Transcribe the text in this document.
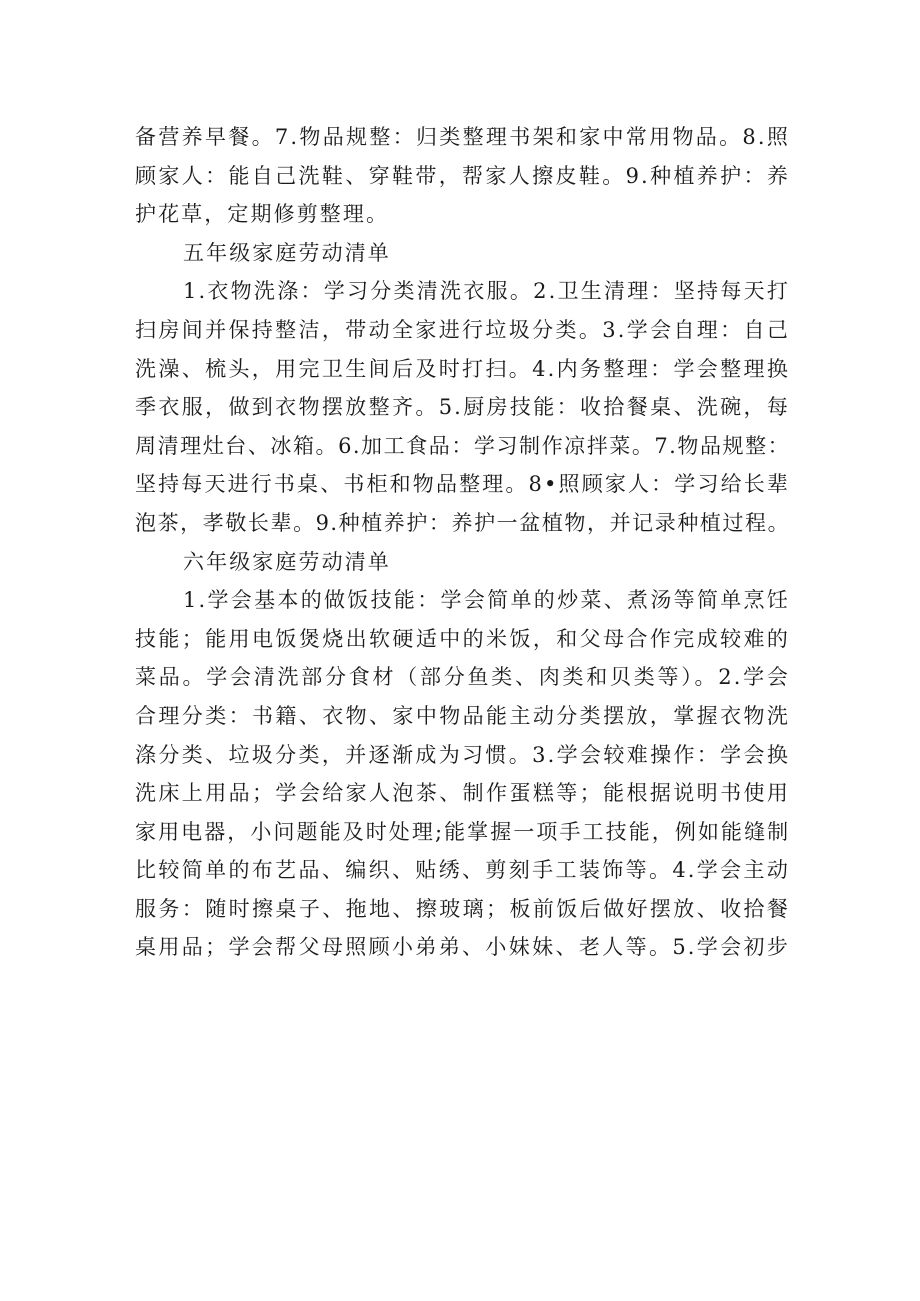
备营养早餐。7.物品规整：归类整理书架和家中常用物品。8.照
顾家人：能自己洗鞋、穿鞋带，帮家人擦皮鞋。9.种植养护：养
护花草，定期修剪整理。
五年级家庭劳动清单
1.衣物洗涤：学习分类清洗衣服。2.卫生清理：坚持每天打
扫房间并保持整洁，带动全家进行垃圾分类。3.学会自理：自己
洗澡、梳头，用完卫生间后及时打扫。4.内务整理：学会整理换
季衣服，做到衣物摆放整齐。5.厨房技能：收拾餐桌、洗碗，每
周清理灶台、冰箱。6.加工食品：学习制作凉拌菜。7.物品规整：
坚持每天进行书桌、书柜和物品整理。8•照顾家人：学习给长辈
泡茶，孝敬长辈。9.种植养护：养护一盆植物，并记录种植过程。
六年级家庭劳动清单
1.学会基本的做饭技能：学会简单的炒菜、煮汤等简单烹饪
技能；能用电饭煲烧出软硬适中的米饭，和父母合作完成较难的
菜品。学会清洗部分食材（部分鱼类、肉类和贝类等）。2.学会
合理分类：书籍、衣物、家中物品能主动分类摆放，掌握衣物洗
涤分类、垃圾分类，并逐渐成为习惯。3.学会较难操作：学会换
洗床上用品；学会给家人泡茶、制作蛋糕等；能根据说明书使用
家用电器，小问题能及时处理;能掌握一项手工技能，例如能缝制
比较简单的布艺品、编织、贴绣、剪刻手工装饰等。4.学会主动
服务：随时擦桌子、拖地、擦玻璃；板前饭后做好摆放、收拾餐
桌用品；学会帮父母照顾小弟弟、小妹妹、老人等。5.学会初步
